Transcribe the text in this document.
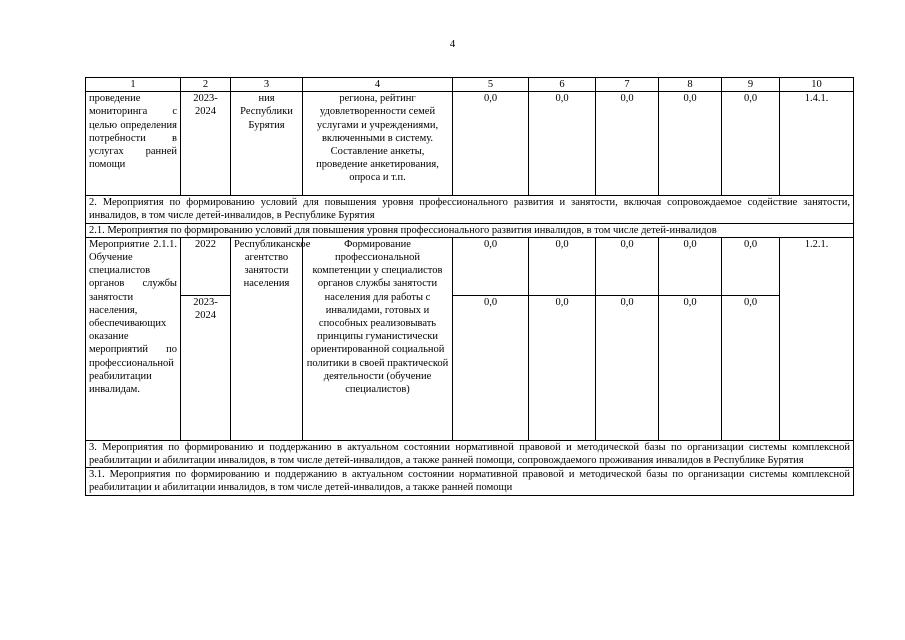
4
1	2	3	4	5	6	7	8	9	10
проведение мониторинга с целью определения потребности в услугах ранней помощи	2023-2024	ния Республики Бурятия	региона, рейтинг удовлетворенности семей услугами и учреждениями, включенными в систему. Составление анкеты, проведение анкетирования, опроса и т.п.	0,0	0,0	0,0	0,0	0,0	1.4.1.
2. Мероприятия по формированию условий для повышения уровня профессионального развития и занятости, включая сопровождаемое содействие занятости, инвалидов, в том числе детей-инвалидов, в Республике Бурятия									
2.1. Мероприятия по формированию условий для повышения уровня профессионального развития инвалидов, в том числе детей-инвалидов									
Мероприятие 2.1.1. Обучение специалистов органов службы занятости населения, обеспечивающих оказание мероприятий по профессиональной реабилитации инвалидам.	2022	Республиканское агентство занятости населения	Формирование профессиональной компетенции у специалистов органов службы занятости населения для работы с инвалидами, готовых и способных реализовывать принципы гуманистически ориентированной социальной политики в своей практической деятельности (обучение специалистов)	0,0	0,0	0,0	0,0	0,0	1.2.1.
	2023-2024			0,0	0,0	0,0	0,0	0,0	
3. Мероприятия по формированию и поддержанию в актуальном состоянии нормативной правовой и методической базы по организации системы комплексной реабилитации и абилитации инвалидов, в том числе детей-инвалидов, а также ранней помощи, сопровождаемого проживания инвалидов в Республике Бурятия									
3.1. Мероприятия по формированию и поддержанию в актуальном состоянии нормативной правовой и методической базы по организации системы комплексной реабилитации и абилитации инвалидов, в том числе детей-инвалидов, а также ранней помощи									
